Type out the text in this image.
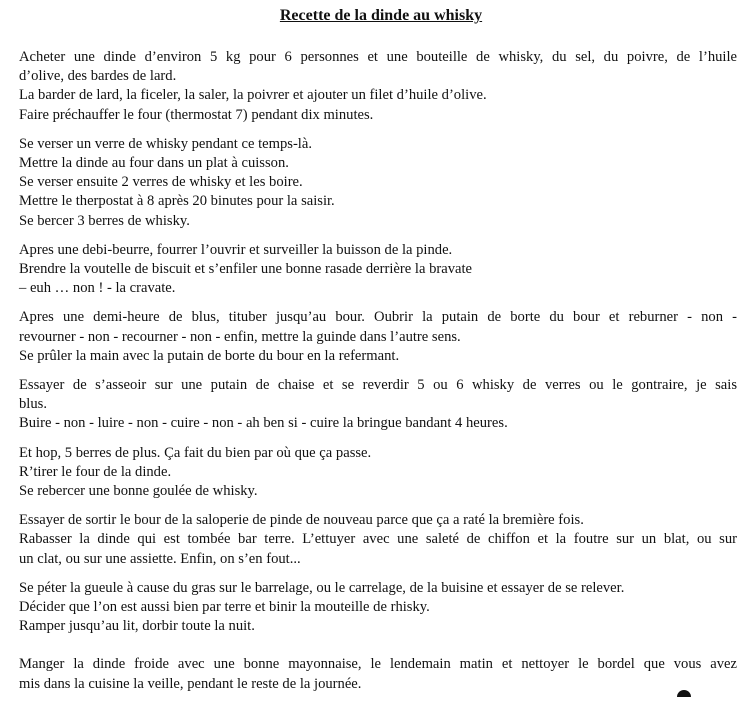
Recette de la dinde au whisky
Acheter une dinde d’environ 5 kg pour 6 personnes et une bouteille de whisky, du sel, du poivre, de l’huile
d’olive, des bardes de lard.
La barder de lard, la ficeler, la saler, la poivrer et ajouter un filet d’huile d’olive.
Faire préchauffer le four (thermostat 7) pendant dix minutes.
Se verser un verre de whisky pendant ce temps-là.
Mettre la dinde au four dans un plat à cuisson.
Se verser ensuite 2 verres de whisky et les boire.
Mettre le therpostat à 8 après 20 binutes pour la saisir.
Se bercer 3 berres de whisky.
Apres une debi-beurre, fourrer l’ouvrir et surveiller la buisson de la pinde.
Brendre la voutelle de biscuit et s’enfiler une bonne rasade derrière la bravate
– euh … non ! - la cravate.
Apres une demi-heure de blus, tituber jusqu’au bour. Oubrir la putain de borte du bour et reburner - non -
revourner - non - recourner - non - enfin, mettre la guinde dans l’autre sens.
Se prûler la main avec la putain de borte du bour en la refermant.
Essayer de s’asseoir sur une putain de chaise et se reverdir 5 ou 6 whisky de verres ou le gontraire, je sais
blus.
Buire - non - luire - non - cuire - non - ah ben si - cuire la bringue bandant 4 heures.
Et hop, 5 berres de plus. Ça fait du bien par où que ça passe.
R’tirer le four de la dinde.
Se rebercer une bonne goulée de whisky.
Essayer de sortir le bour de la saloperie de pinde de nouveau parce que ça a raté la bremière fois.
Rabasser la dinde qui est tombée bar terre. L’ettuyer avec une saleté de chiffon et la foutre sur un blat, ou sur
un clat, ou sur une assiette. Enfin, on s’en fout...
Se péter la gueule à cause du gras sur le barrelage, ou le carrelage, de la buisine et essayer de se relever.
Décider que l’on est aussi bien par terre et binir la mouteille de rhisky.
Ramper jusqu’au lit, dorbir toute la nuit.
Manger la dinde froide avec une bonne mayonnaise, le lendemain matin et nettoyer le bordel que vous avez
mis dans la cuisine la veille, pendant le reste de la journée.
